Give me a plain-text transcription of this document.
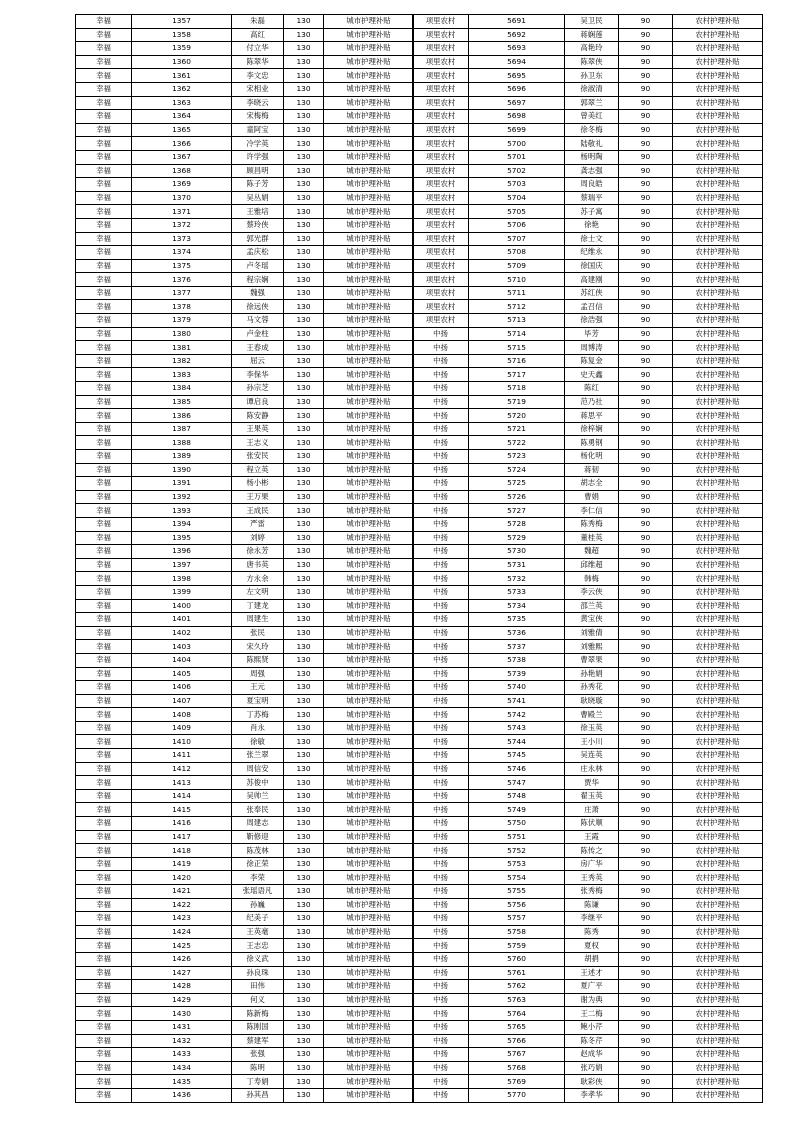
幸福	1357	朱磊	130	城市护理补贴
幸福	1358	高红	130	城市护理补贴
幸福	1359	付立华	130	城市护理补贴
幸福	1360	陈翠华	130	城市护理补贴
幸福	1361	李文忠	130	城市护理补贴
幸福	1362	宋相业	130	城市护理补贴
幸福	1363	李晓云	130	城市护理补贴
幸福	1364	宋梅梅	130	城市护理补贴
幸福	1365	童阿宝	130	城市护理补贴
幸福	1366	冷学英	130	城市护理补贴
幸福	1367	许学强	130	城市护理补贴
幸福	1368	顾昌明	130	城市护理补贴
幸福	1369	陈子芳	130	城市护理补贴
幸福	1370	吴丛娟	130	城市护理补贴
幸福	1371	王雅培	130	城市护理补贴
幸福	1372	蔡玲侠	130	城市护理补贴
幸福	1373	郭光群	130	城市护理补贴
幸福	1374	孟庆松	130	城市护理补贴
幸福	1375	卢冬瑶	130	城市护理补贴
幸福	1376	程宗娴	130	城市护理补贴
幸福	1377	魏强	130	城市护理补贴
幸福	1378	徐远侠	130	城市护理补贴
幸福	1379	马文蓉	130	城市护理补贴
幸福	1380	卢金柱	130	城市护理补贴
幸福	1381	王春成	130	城市护理补贴
幸福	1382	屈云	130	城市护理补贴
幸福	1383	李保华	130	城市护理补贴
幸福	1384	孙宗芝	130	城市护理补贴
幸福	1385	谭启良	130	城市护理补贴
幸福	1386	陈安静	130	城市护理补贴
幸福	1387	王果英	130	城市护理补贴
幸福	1388	王志义	130	城市护理补贴
幸福	1389	张安民	130	城市护理补贴
幸福	1390	程立英	130	城市护理补贴
幸福	1391	杨小彬	130	城市护理补贴
幸福	1392	王万果	130	城市护理补贴
幸福	1393	王成民	130	城市护理补贴
幸福	1394	严雷	130	城市护理补贴
幸福	1395	刘婷	130	城市护理补贴
幸福	1396	徐永芳	130	城市护理补贴
幸福	1397	唐书英	130	城市护理补贴
幸福	1398	方永余	130	城市护理补贴
幸福	1399	左文明	130	城市护理补贴
幸福	1400	丁建龙	130	城市护理补贴
幸福	1401	周建生	130	城市护理补贴
幸福	1402	张民	130	城市护理补贴
幸福	1403	宋久玲	130	城市护理补贴
幸福	1404	陈熙贤	130	城市护理补贴
幸福	1405	周强	130	城市护理补贴
幸福	1406	王元	130	城市护理补贴
幸福	1407	夏宝明	130	城市护理补贴
幸福	1408	丁苏梅	130	城市护理补贴
幸福	1409	肖永	130	城市护理补贴
幸福	1410	徐敏	130	城市护理补贴
幸福	1411	张兰翠	130	城市护理补贴
幸福	1412	周信安	130	城市护理补贴
幸福	1413	苏俊中	130	城市护理补贴
幸福	1414	吴帅兰	130	城市护理补贴
幸福	1415	张奉民	130	城市护理补贴
幸福	1416	周建志	130	城市护理补贴
幸福	1417	靳修迎	130	城市护理补贴
幸福	1418	陈茂林	130	城市护理补贴
幸福	1419	徐正荣	130	城市护理补贴
幸福	1420	李荣	130	城市护理补贴
幸福	1421	张瑶语凡	130	城市护理补贴
幸福	1422	孙巍	130	城市护理补贴
幸福	1423	纪美子	130	城市护理补贴
幸福	1424	王英毫	130	城市护理补贴
幸福	1425	王志忠	130	城市护理补贴
幸福	1426	徐义武	130	城市护理补贴
幸福	1427	孙良珠	130	城市护理补贴
幸福	1428	田伟	130	城市护理补贴
幸福	1429	何义	130	城市护理补贴
幸福	1430	陈新梅	130	城市护理补贴
幸福	1431	陈刚国	130	城市护理补贴
幸福	1432	蔡建军	130	城市护理补贴
幸福	1433	张强	130	城市护理补贴
幸福	1434	陈明	130	城市护理补贴
幸福	1435	丁寿娟	130	城市护理补贴
幸福	1436	孙其昌	130	城市护理补贴
项里农村	5691	吴卫民	90	农村护理补贴
项里农村	5692	蒋娴莲	90	农村护理补贴
项里农村	5693	高艳玲	90	农村护理补贴
项里农村	5694	陈翠侠	90	农村护理补贴
项里农村	5695	孙卫东	90	农村护理补贴
项里农村	5696	徐淑清	90	农村护理补贴
项里农村	5697	郭翠兰	90	农村护理补贴
项里农村	5698	曾美红	90	农村护理补贴
项里农村	5699	徐冬梅	90	农村护理补贴
项里农村	5700	陆敬礼	90	农村护理补贴
项里农村	5701	杨明陶	90	农村护理补贴
项里农村	5702	龚志强	90	农村护理补贴
项里农村	5703	周良皓	90	农村护理补贴
项里农村	5704	蔡瑞平	90	农村护理补贴
项里农村	5705	苏子寓	90	农村护理补贴
项里农村	5706	徐艳	90	农村护理补贴
项里农村	5707	徐士文	90	农村护理补贴
项里农村	5708	纪维永	90	农村护理补贴
项里农村	5709	徐国庆	90	农村护理补贴
项里农村	5710	高建刚	90	农村护理补贴
项里农村	5711	苏红侠	90	农村护理补贴
项里农村	5712	孟召信	90	农村护理补贴
项里农村	5713	徐浩强	90	农村护理补贴
中扬	5714	毕芳	90	农村护理补贴
中扬	5715	周博涛	90	农村护理补贴
中扬	5716	陈复金	90	农村护理补贴
中扬	5717	史天鑫	90	农村护理补贴
中扬	5718	陈红	90	农村护理补贴
中扬	5719	范乃社	90	农村护理补贴
中扬	5720	蒋思平	90	农村护理补贴
中扬	5721	徐梓娴	90	农村护理补贴
中扬	5722	陈勇钢	90	农村护理补贴
中扬	5723	杨化明	90	农村护理补贴
中扬	5724	蒋韧	90	农村护理补贴
中扬	5725	胡志全	90	农村护理补贴
中扬	5726	曹娟	90	农村护理补贴
中扬	5727	李仁信	90	农村护理补贴
中扬	5728	陈秀梅	90	农村护理补贴
中扬	5729	董桂英	90	农村护理补贴
中扬	5730	魏超	90	农村护理补贴
中扬	5731	邱维超	90	农村护理补贴
中扬	5732	韩梅	90	农村护理补贴
中扬	5733	李云侠	90	农村护理补贴
中扬	5734	邵兰英	90	农村护理补贴
中扬	5735	黄宝侠	90	农村护理补贴
中扬	5736	刘雅倩	90	农村护理补贴
中扬	5737	刘雅熙	90	农村护理补贴
中扬	5738	曹翠果	90	农村护理补贴
中扬	5739	孙艳娟	90	农村护理补贴
中扬	5740	孙秀花	90	农村护理补贴
中扬	5741	耿晓璇	90	农村护理补贴
中扬	5742	曹殿兰	90	农村护理补贴
中扬	5743	徐玉英	90	农村护理补贴
中扬	5744	王小川	90	农村护理补贴
中扬	5745	吴连英	90	农村护理补贴
中扬	5746	庄永林	90	农村护理补贴
中扬	5747	贾华	90	农村护理补贴
中扬	5748	翟玉英	90	农村护理补贴
中扬	5749	庄萧	90	农村护理补贴
中扬	5750	陈伏顺	90	农村护理补贴
中扬	5751	王霞	90	农村护理补贴
中扬	5752	陈传之	90	农村护理补贴
中扬	5753	房广华	90	农村护理补贴
中扬	5754	王秀英	90	农村护理补贴
中扬	5755	张秀梅	90	农村护理补贴
中扬	5756	陈谦	90	农村护理补贴
中扬	5757	李继平	90	农村护理补贴
中扬	5758	陈秀	90	农村护理补贴
中扬	5759	夏权	90	农村护理补贴
中扬	5760	胡捐	90	农村护理补贴
中扬	5761	王述才	90	农村护理补贴
中扬	5762	夏广平	90	农村护理补贴
中扬	5763	谢为典	90	农村护理补贴
中扬	5764	王二梅	90	农村护理补贴
中扬	5765	鲍小芹	90	农村护理补贴
中扬	5766	陈冬芹	90	农村护理补贴
中扬	5767	赵成华	90	农村护理补贴
中扬	5768	张巧娟	90	农村护理补贴
中扬	5769	耿彩侠	90	农村护理补贴
中扬	5770	李孝华	90	农村护理补贴
